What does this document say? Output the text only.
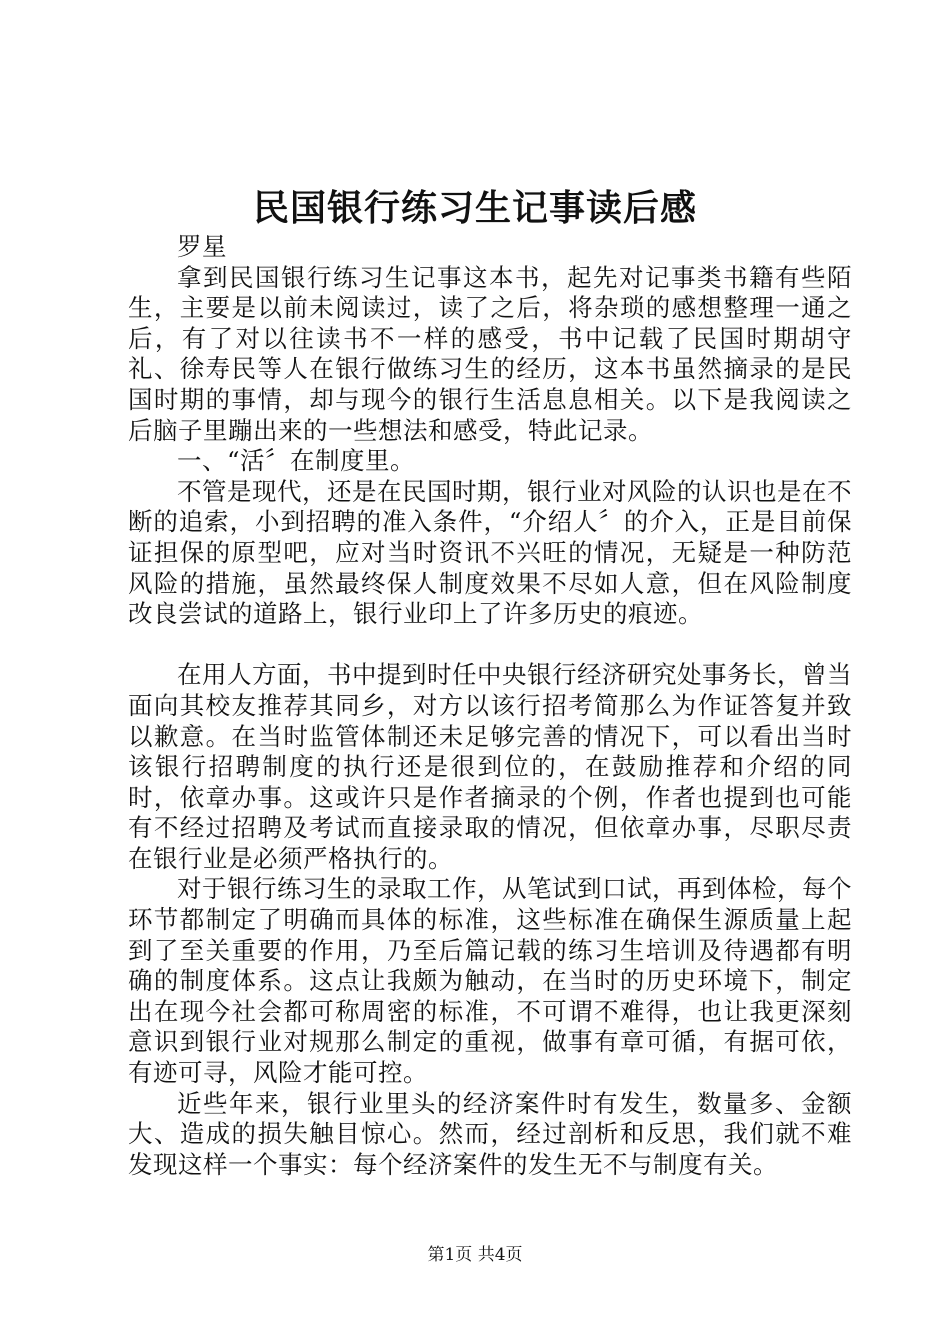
民国银行练习生记事读后感

罗星

拿到民国银行练习生记事这本书，起先对记事类书籍有些陌生，主要是以前未阅读过，读了之后，将杂琐的感想整理一通之后，有了对以往读书不一样的感受，书中记载了民国时期胡守礼、徐寿民等人在银行做练习生的经历，这本书虽然摘录的是民国时期的事情，却与现今的银行生活息息相关。以下是我阅读之后脑子里蹦出来的一些想法和感受，特此记录。

一、“活〞在制度里。

不管是现代，还是在民国时期，银行业对风险的认识也是在不断的追索，小到招聘的准入条件，“介绍人〞的介入，正是目前保证担保的原型吧，应对当时资讯不兴旺的情况，无疑是一种防范风险的措施，虽然最终保人制度效果不尽如人意，但在风险制度改良尝试的道路上，银行业印上了许多历史的痕迹。

在用人方面，书中提到时任中央银行经济研究处事务长，曾当面向其校友推荐其同乡，对方以该行招考简那么为作证答复并致以歉意。在当时监管体制还未足够完善的情况下，可以看出当时该银行招聘制度的执行还是很到位的，在鼓励推荐和介绍的同时，依章办事。这或许只是作者摘录的个例，作者也提到也可能有不经过招聘及考试而直接录取的情况，但依章办事，尽职尽责在银行业是必须严格执行的。

对于银行练习生的录取工作，从笔试到口试，再到体检，每个环节都制定了明确而具体的标准，这些标准在确保生源质量上起到了至关重要的作用，乃至后篇记载的练习生培训及待遇都有明确的制度体系。这点让我颇为触动，在当时的历史环境下，制定出在现今社会都可称周密的标准，不可谓不难得，也让我更深刻意识到银行业对规那么制定的重视，做事有章可循，有据可依，有迹可寻，风险才能可控。

近些年来，银行业里头的经济案件时有发生，数量多、金额大、造成的损失触目惊心。然而，经过剖析和反思，我们就不难发现这样一个事实：每个经济案件的发生无不与制度有关。

第1页 共4页
